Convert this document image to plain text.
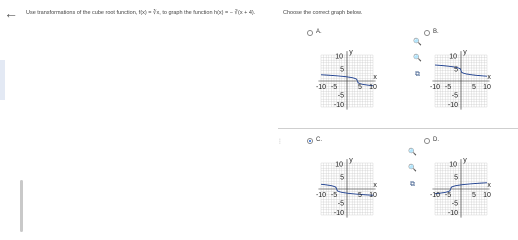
← Use transformations of the cube root function, f(x) = ∛x, to graph the function h(x) = − ∛(x + 4).	Choose the correct graph below.
⋮
A.
y
x
10
5
-5
-10
-10 -5	5 10
🔍
🔍
⧉
B.
y
x
10
5
-5
-10
-10 -5	5 10
C.
y
x
10
5
-5
-10
-10 -5	5 10
🔍
🔍
⧉
D.
y
x
10
5
-5
-10
-10 -5	5 10
